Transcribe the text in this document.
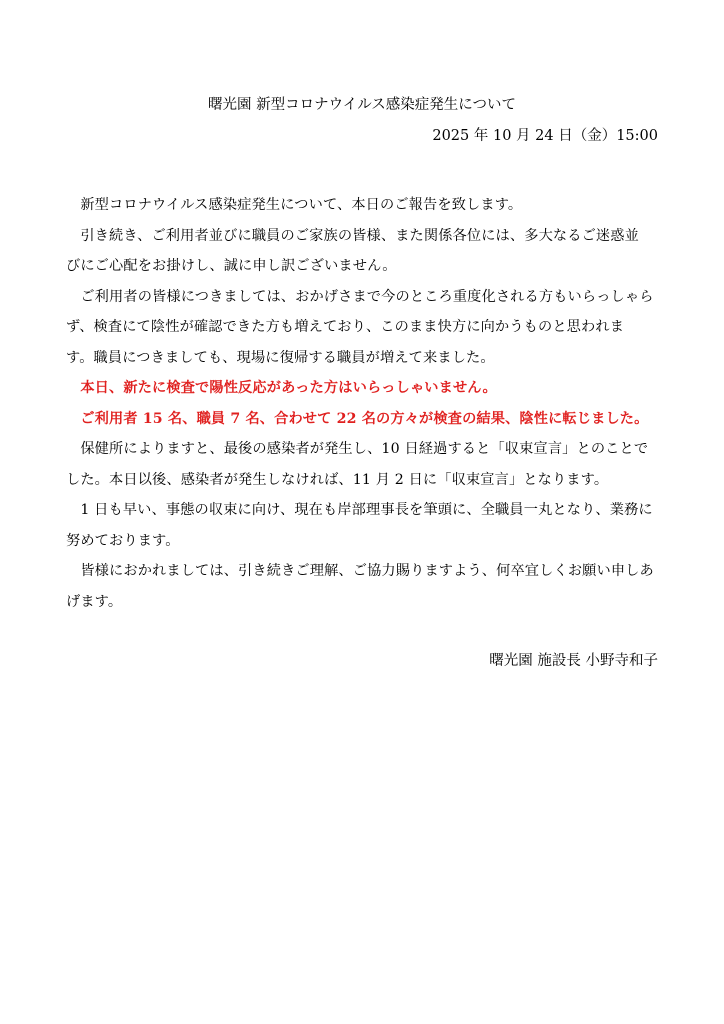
曙光園 新型コロナウイルス感染症発生について
2025 年 10 月 24 日（金）15:00
　新型コロナウイルス感染症発生について、本日のご報告を致します。
　引き続き、ご利用者並びに職員のご家族の皆様、また関係各位には、多大なるご迷惑並
びにご心配をお掛けし、誠に申し訳ございません。
　ご利用者の皆様につきましては、おかげさまで今のところ重度化される方もいらっしゃら
ず、検査にて陰性が確認できた方も増えており、このまま快方に向かうものと思われま
す。職員につきましても、現場に復帰する職員が増えて来ました。
　本日、新たに検査で陽性反応があった方はいらっしゃいません。
　ご利用者 15 名、職員 7 名、合わせて 22 名の方々が検査の結果、陰性に転じました。
　保健所によりますと、最後の感染者が発生し、10 日経過すると「収束宣言」とのことで
した。本日以後、感染者が発生しなければ、11 月 2 日に「収束宣言」となります。
　1 日も早い、事態の収束に向け、現在も岸部理事長を筆頭に、全職員一丸となり、業務に
努めております。
　皆様におかれましては、引き続きご理解、ご協力賜りますよう、何卒宜しくお願い申しあ
げます。
曙光園 施設長 小野寺和子
